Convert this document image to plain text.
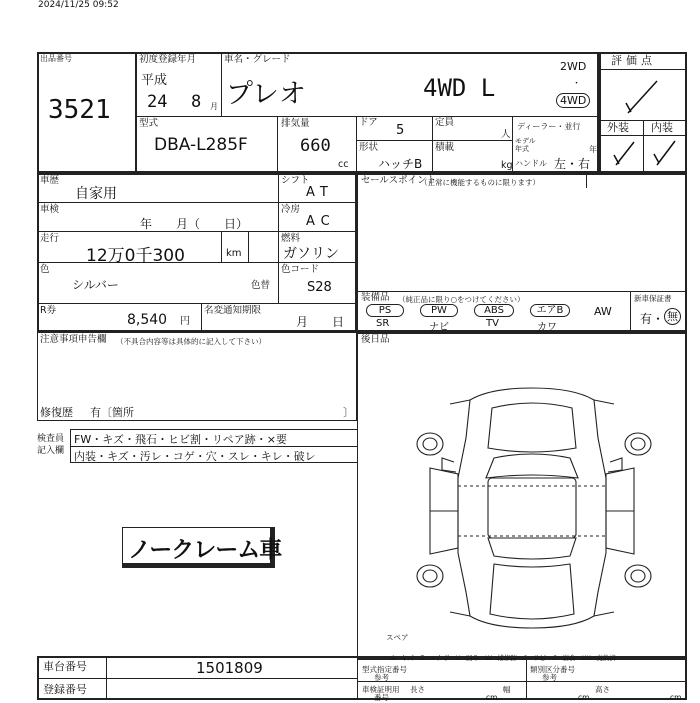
2024/11/25 09:52
出品番号
3521
初度登録年月
平成
24 8 月
車名・グレード
プレオ	4WD L
2WD
・
4WD
型式
DBA-L285F
排気量
660
cc
ドア
5
形状
ハッチB
定員
人
積載
kg
ディーラー・並行
モデル年式	年
ハンドル 左・右
評価点
外装 内装
車歴
自家用
車検
年　　月（　　日）
走行
12万0千300	km
シフト
AT
冷房
AC
燃料
ガソリン
色
シルバー	色替
色コード
S28
R券
8,540 円
名変通知期限
月　　日
セールスポイント
（正常に機能するものに限ります）
装備品 （純正品に限り○をつけてください）	新車保証書
PS	PW	ABS	エアB	AW
SR	ナビ	TV	カワ
有・ 無
注意事項申告欄 （不具合内容等は具体的に記入して下さい）
修復歴 有〔箇所	〕
検査員記入欄
FW・キズ・飛石・ヒビ割・リペア跡・×要
内装・キズ・汚レ・コゲ・穴・スレ・キレ・破レ
ノークレーム車
後日品
スペア
A−キズ　E−エクボ　U−凹み　W−補修跡　S−サビ　C−腐食　XX−交換済
車台番号	1501809
登録番号
型式指定番号
参考
類別区分番号
参考
車検証明用
番号
長さ
cm
幅
cm
高さ
cm
